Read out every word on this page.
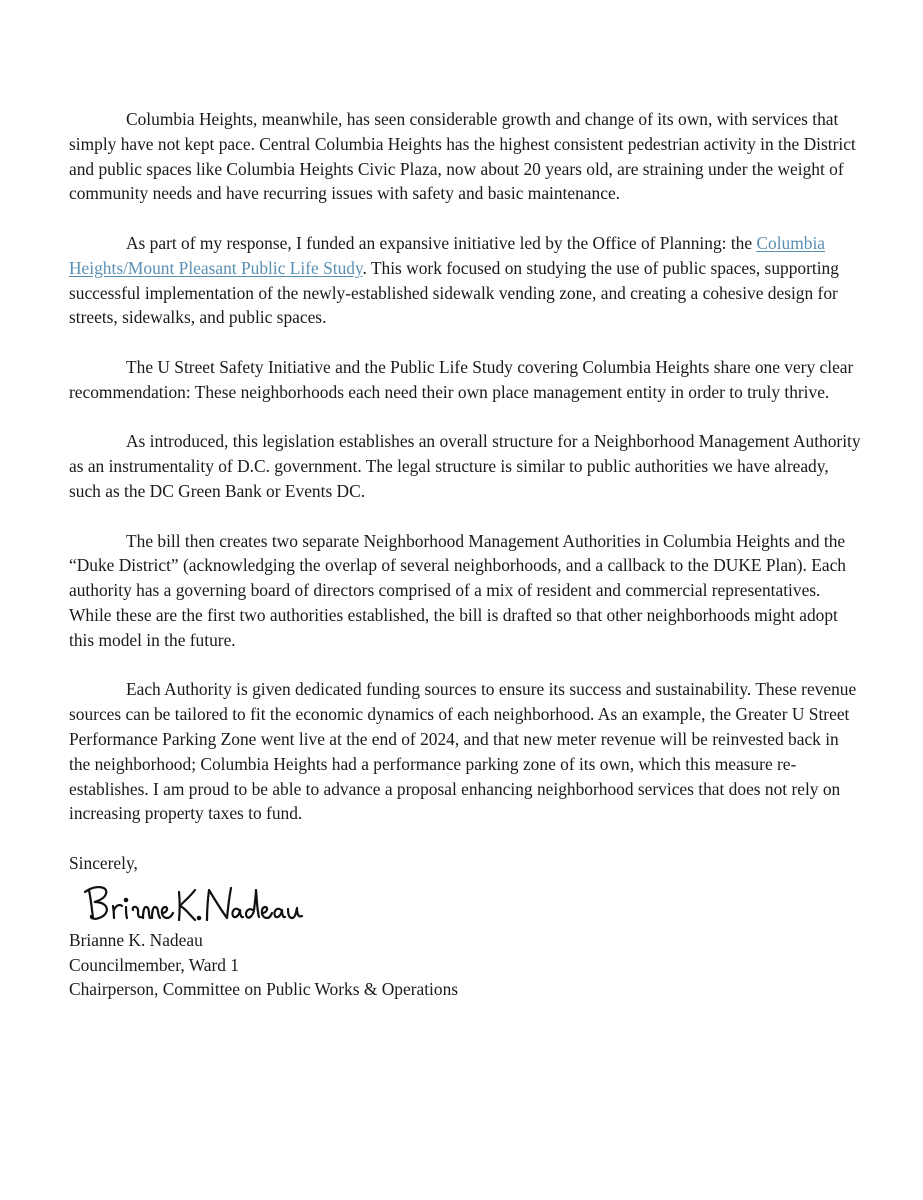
Columbia Heights, meanwhile, has seen considerable growth and change of its own, with services that simply have not kept pace. Central Columbia Heights has the highest consistent pedestrian activity in the District and public spaces like Columbia Heights Civic Plaza, now about 20 years old, are straining under the weight of community needs and have recurring issues with safety and basic maintenance.

As part of my response, I funded an expansive initiative led by the Office of Planning: the Columbia Heights/Mount Pleasant Public Life Study. This work focused on studying the use of public spaces, supporting successful implementation of the newly-established sidewalk vending zone, and creating a cohesive design for streets, sidewalks, and public spaces.

The U Street Safety Initiative and the Public Life Study covering Columbia Heights share one very clear recommendation: These neighborhoods each need their own place management entity in order to truly thrive.

As introduced, this legislation establishes an overall structure for a Neighborhood Management Authority as an instrumentality of D.C. government. The legal structure is similar to public authorities we have already, such as the DC Green Bank or Events DC.

The bill then creates two separate Neighborhood Management Authorities in Columbia Heights and the “Duke District” (acknowledging the overlap of several neighborhoods, and a callback to the DUKE Plan). Each authority has a governing board of directors comprised of a mix of resident and commercial representatives. While these are the first two authorities established, the bill is drafted so that other neighborhoods might adopt this model in the future.

Each Authority is given dedicated funding sources to ensure its success and sustainability. These revenue sources can be tailored to fit the economic dynamics of each neighborhood. As an example, the Greater U Street Performance Parking Zone went live at the end of 2024, and that new meter revenue will be reinvested back in the neighborhood; Columbia Heights had a performance parking zone of its own, which this measure re-establishes. I am proud to be able to advance a proposal enhancing neighborhood services that does not rely on increasing property taxes to fund.

Sincerely,

Brianne K. Nadeau

Councilmember, Ward 1

Chairperson, Committee on Public Works & Operations
